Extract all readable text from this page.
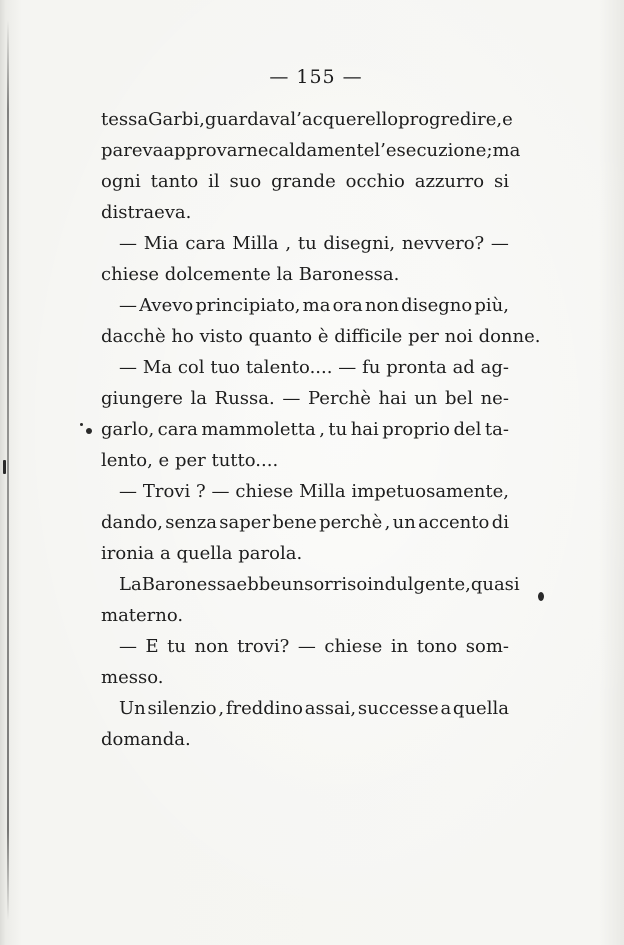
— 155 —
tessa Garbi, guardava l’ acquerello progredire, e
pareva approvarne caldamente l’ esecuzione ; ma
ogni tanto il suo grande occhio azzurro si
distraeva.
— Mia cara Milla , tu disegni, nevvero? —
chiese dolcemente la Baronessa.
— Avevo principiato, ma ora non disegno più,
dacchè ho visto quanto è difficile per noi donne.
— Ma col tuo talento.... — fu pronta ad ag-
giungere la Russa. — Perchè hai un bel ne-
garlo, cara mammoletta , tu hai proprio del ta-
lento, e per tutto....
— Trovi ? — chiese Milla impetuosamente,
dando, senza saper bene perchè , un accento di
ironia a quella parola.
La Baronessa ebbe un sorriso indulgente, quasi
materno.
— E tu non trovi? — chiese in tono som-
messo.
Un silenzio , freddino assai, successe a quella
domanda.
